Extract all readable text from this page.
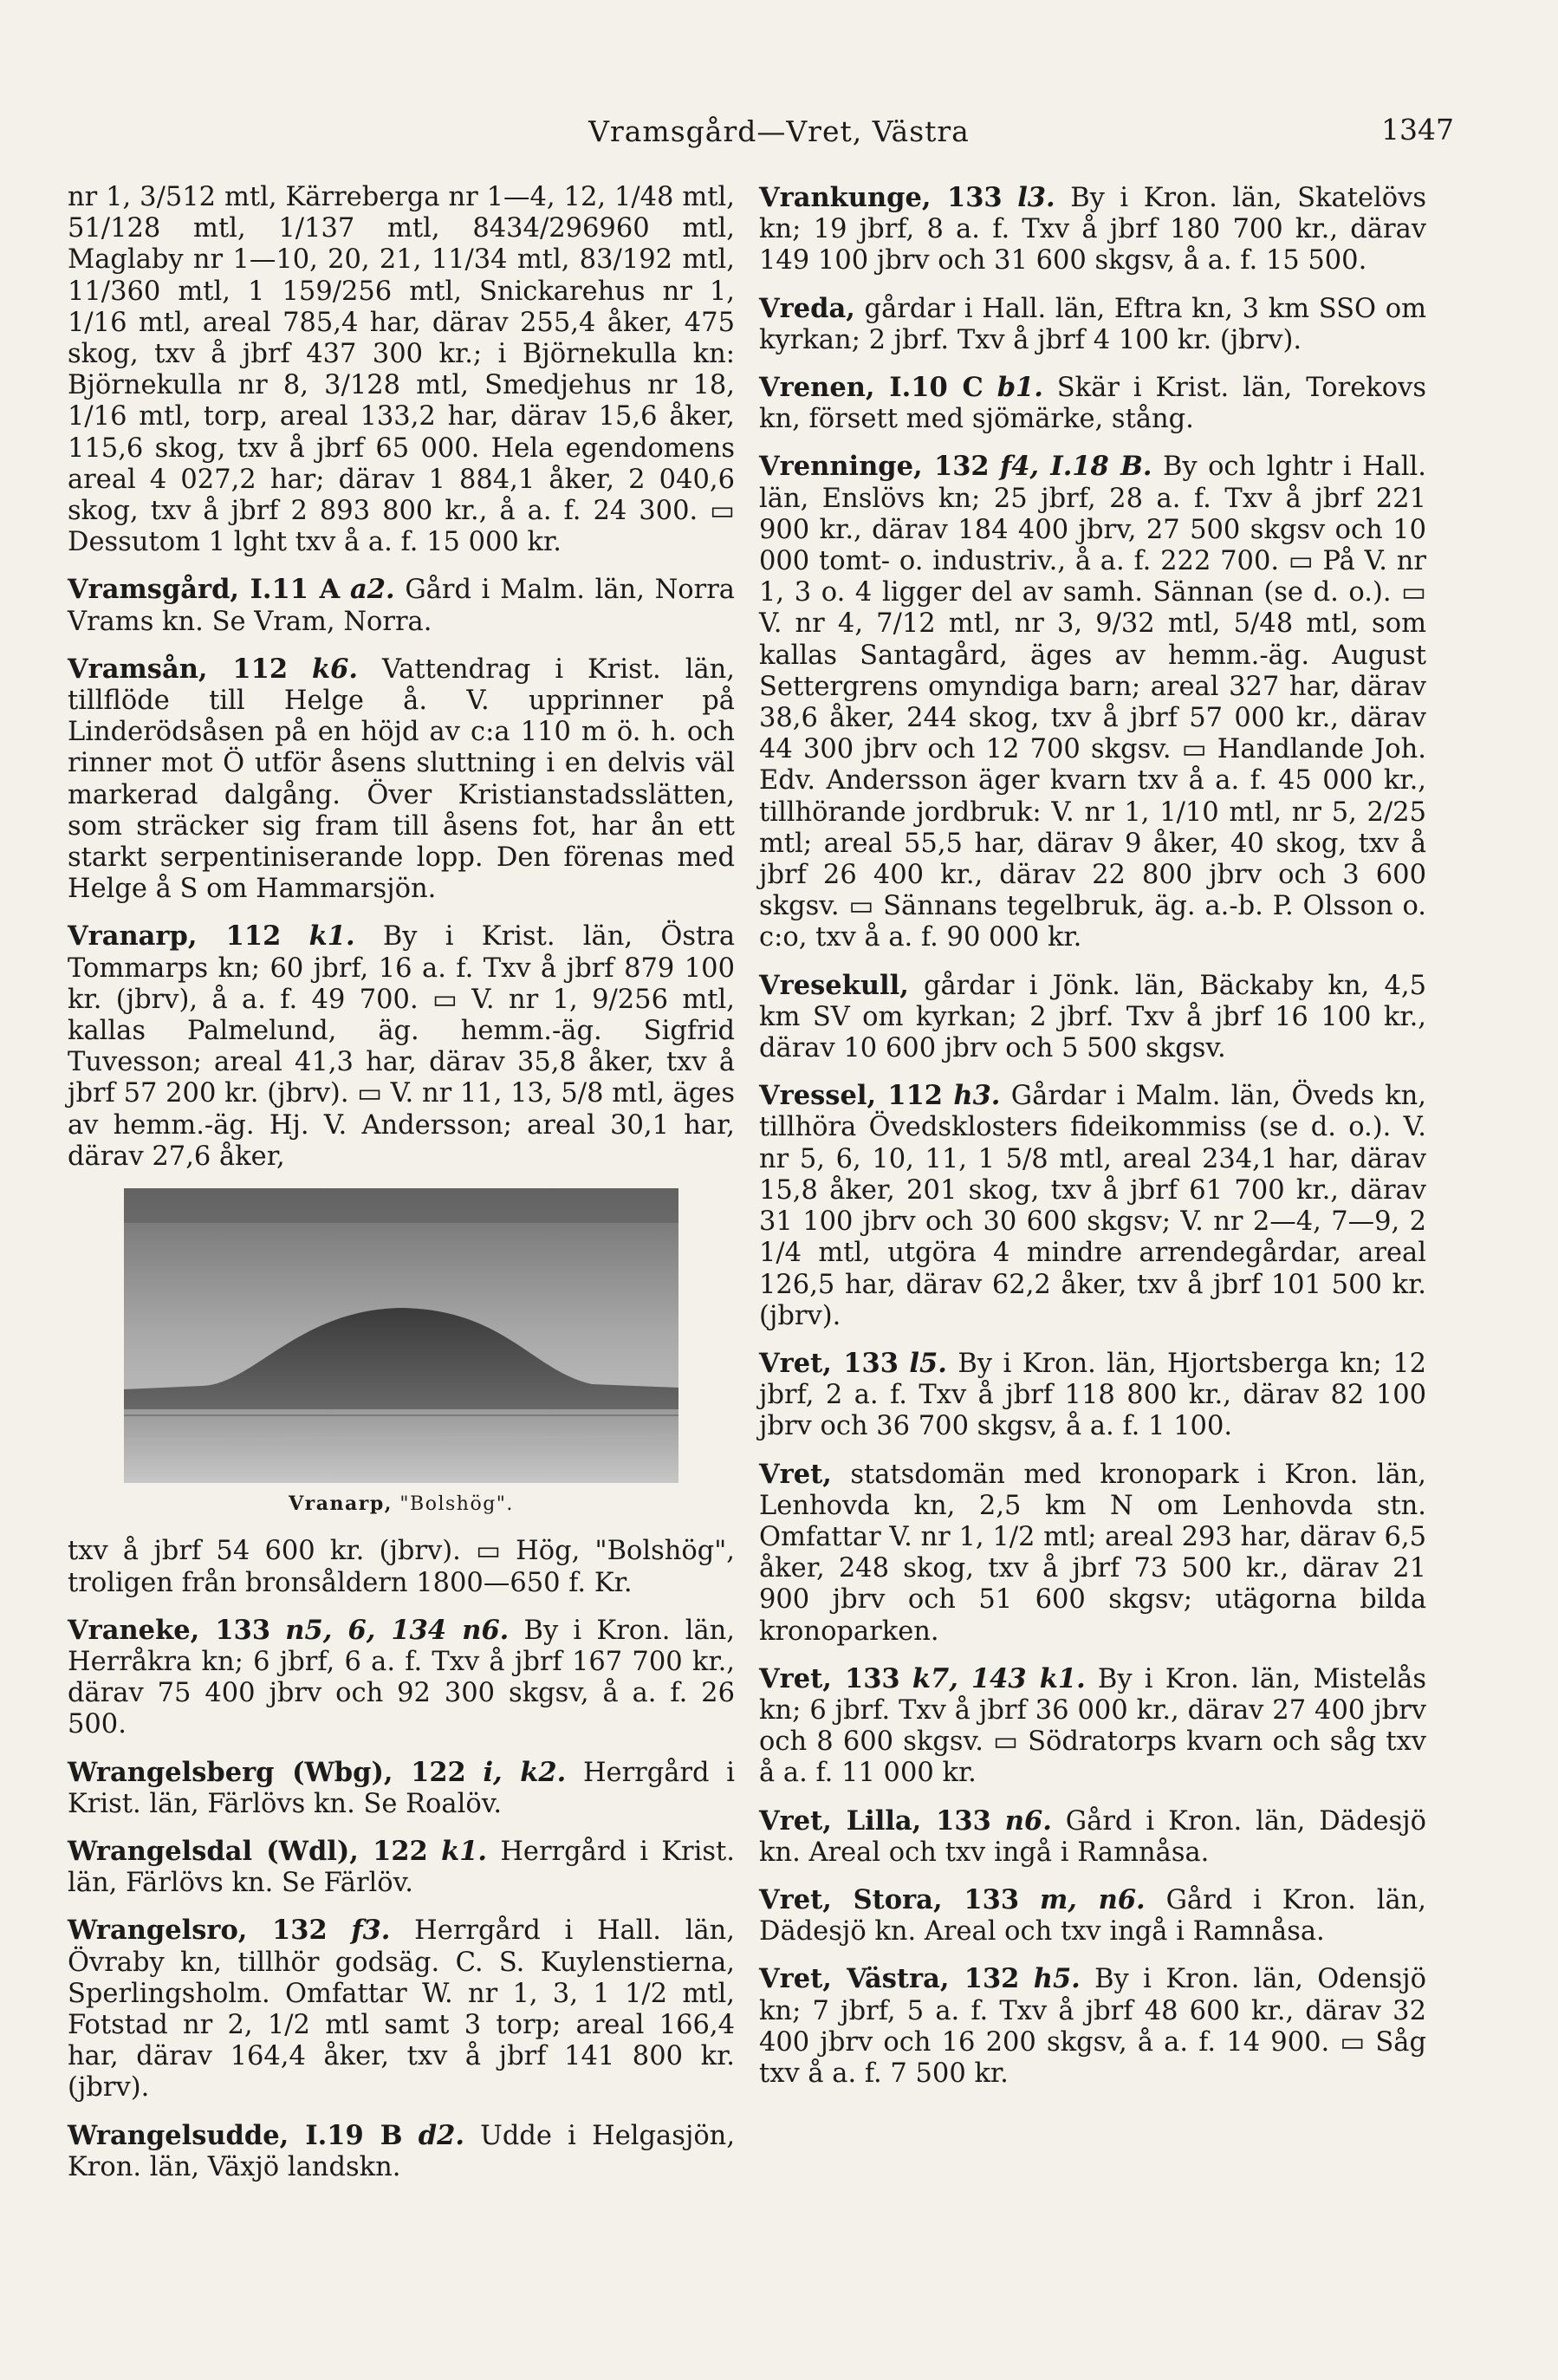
Vramsgård—Vret, Västra	1347

nr 1, 3/512 mtl, Kärreberga nr 1—4, 12, 1/48 mtl, 51/128 mtl, 1/137 mtl, 8434/296960 mtl, Maglaby nr 1—10, 20, 21, 11/34 mtl, 83/192 mtl, 11/360 mtl, 1 159/256 mtl, Snickarehus nr 1, 1/16 mtl, areal 785,4 har, därav 255,4 åker, 475 skog, txv å jbrf 437 300 kr.; i Björnekulla kn: Björnekulla nr 8, 3/128 mtl, Smedjehus nr 18, 1/16 mtl, torp, areal 133,2 har, därav 15,6 åker, 115,6 skog, txv å jbrf 65 000. Hela egendomens areal 4 027,2 har; därav 1 884,1 åker, 2 040,6 skog, txv å jbrf 2 893 800 kr., å a. f. 24 300. ▭ Dessutom 1 lght txv å a. f. 15 000 kr.

Vramsgård, I.11 A a2. Gård i Malm. län, Norra Vrams kn. Se Vram, Norra.

Vramsån, 112 k6. Vattendrag i Krist. län, tillflöde till Helge å. V. upprinner på Linderödsåsen på en höjd av c:a 110 m ö. h. och rinner mot Ö utför åsens sluttning i en delvis väl markerad dalgång. Över Kristianstadsslätten, som sträcker sig fram till åsens fot, har ån ett starkt serpentiniserande lopp. Den förenas med Helge å S om Hammarsjön.

Vranarp, 112 k1. By i Krist. län, Östra Tommarps kn; 60 jbrf, 16 a. f. Txv å jbrf 879 100 kr. (jbrv), å a. f. 49 700. ▭ V. nr 1, 9/256 mtl, kallas Palmelund, äg. hemm.-äg. Sigfrid Tuvesson; areal 41,3 har, därav 35,8 åker, txv å jbrf 57 200 kr. (jbrv). ▭ V. nr 11, 13, 5/8 mtl, äges av hemm.-äg. Hj. V. Andersson; areal 30,1 har, därav 27,6 åker,

Vranarp, "Bolshög".

txv å jbrf 54 600 kr. (jbrv). ▭ Hög, "Bolshög", troligen från bronsåldern 1800—650 f. Kr.

Vraneke, 133 n5, 6, 134 n6. By i Kron. län, Herråkra kn; 6 jbrf, 6 a. f. Txv å jbrf 167 700 kr., därav 75 400 jbrv och 92 300 skgsv, å a. f. 26 500.

Wrangelsberg (Wbg), 122 i, k2. Herrgård i Krist. län, Färlövs kn. Se Roalöv.

Wrangelsdal (Wdl), 122 k1. Herrgård i Krist. län, Färlövs kn. Se Färlöv.

Wrangelsro, 132 f3. Herrgård i Hall. län, Övraby kn, tillhör godsäg. C. S. Kuylenstierna, Sperlingsholm. Omfattar W. nr 1, 3, 1 1/2 mtl, Fotstad nr 2, 1/2 mtl samt 3 torp; areal 166,4 har, därav 164,4 åker, txv å jbrf 141 800 kr. (jbrv).

Wrangelsudde, I.19 B d2. Udde i Helgasjön, Kron. län, Växjö landskn.

Vrankunge, 133 l3. By i Kron. län, Skatelövs kn; 19 jbrf, 8 a. f. Txv å jbrf 180 700 kr., därav 149 100 jbrv och 31 600 skgsv, å a. f. 15 500.

Vreda, gårdar i Hall. län, Eftra kn, 3 km SSO om kyrkan; 2 jbrf. Txv å jbrf 4 100 kr. (jbrv).

Vrenen, I.10 C b1. Skär i Krist. län, Torekovs kn, försett med sjömärke, stång.

Vrenninge, 132 f4, I.18 B. By och lghtr i Hall. län, Enslövs kn; 25 jbrf, 28 a. f. Txv å jbrf 221 900 kr., därav 184 400 jbrv, 27 500 skgsv och 10 000 tomt- o. industriv., å a. f. 222 700. ▭ På V. nr 1, 3 o. 4 ligger del av samh. Sännan (se d. o.). ▭ V. nr 4, 7/12 mtl, nr 3, 9/32 mtl, 5/48 mtl, som kallas Santagård, äges av hemm.-äg. August Settergrens omyndiga barn; areal 327 har, därav 38,6 åker, 244 skog, txv å jbrf 57 000 kr., därav 44 300 jbrv och 12 700 skgsv. ▭ Handlande Joh. Edv. Andersson äger kvarn txv å a. f. 45 000 kr., tillhörande jordbruk: V. nr 1, 1/10 mtl, nr 5, 2/25 mtl; areal 55,5 har, därav 9 åker, 40 skog, txv å jbrf 26 400 kr., därav 22 800 jbrv och 3 600 skgsv. ▭ Sännans tegelbruk, äg. a.-b. P. Olsson o. c:o, txv å a. f. 90 000 kr.

Vresekull, gårdar i Jönk. län, Bäckaby kn, 4,5 km SV om kyrkan; 2 jbrf. Txv å jbrf 16 100 kr., därav 10 600 jbrv och 5 500 skgsv.

Vressel, 112 h3. Gårdar i Malm. län, Öveds kn, tillhöra Övedsklosters fideikommiss (se d. o.). V. nr 5, 6, 10, 11, 1 5/8 mtl, areal 234,1 har, därav 15,8 åker, 201 skog, txv å jbrf 61 700 kr., därav 31 100 jbrv och 30 600 skgsv; V. nr 2—4, 7—9, 2 1/4 mtl, utgöra 4 mindre arrendegårdar, areal 126,5 har, därav 62,2 åker, txv å jbrf 101 500 kr. (jbrv).

Vret, 133 l5. By i Kron. län, Hjortsberga kn; 12 jbrf, 2 a. f. Txv å jbrf 118 800 kr., därav 82 100 jbrv och 36 700 skgsv, å a. f. 1 100.

Vret, statsdomän med kronopark i Kron. län, Lenhovda kn, 2,5 km N om Lenhovda stn. Omfattar V. nr 1, 1/2 mtl; areal 293 har, därav 6,5 åker, 248 skog, txv å jbrf 73 500 kr., därav 21 900 jbrv och 51 600 skgsv; utägorna bilda kronoparken.

Vret, 133 k7, 143 k1. By i Kron. län, Mistelås kn; 6 jbrf. Txv å jbrf 36 000 kr., därav 27 400 jbrv och 8 600 skgsv. ▭ Södratorps kvarn och såg txv å a. f. 11 000 kr.

Vret, Lilla, 133 n6. Gård i Kron. län, Dädesjö kn. Areal och txv ingå i Ramnåsa.

Vret, Stora, 133 m, n6. Gård i Kron. län, Dädesjö kn. Areal och txv ingå i Ramnåsa.

Vret, Västra, 132 h5. By i Kron. län, Odensjö kn; 7 jbrf, 5 a. f. Txv å jbrf 48 600 kr., därav 32 400 jbrv och 16 200 skgsv, å a. f. 14 900. ▭ Såg txv å a. f. 7 500 kr.
